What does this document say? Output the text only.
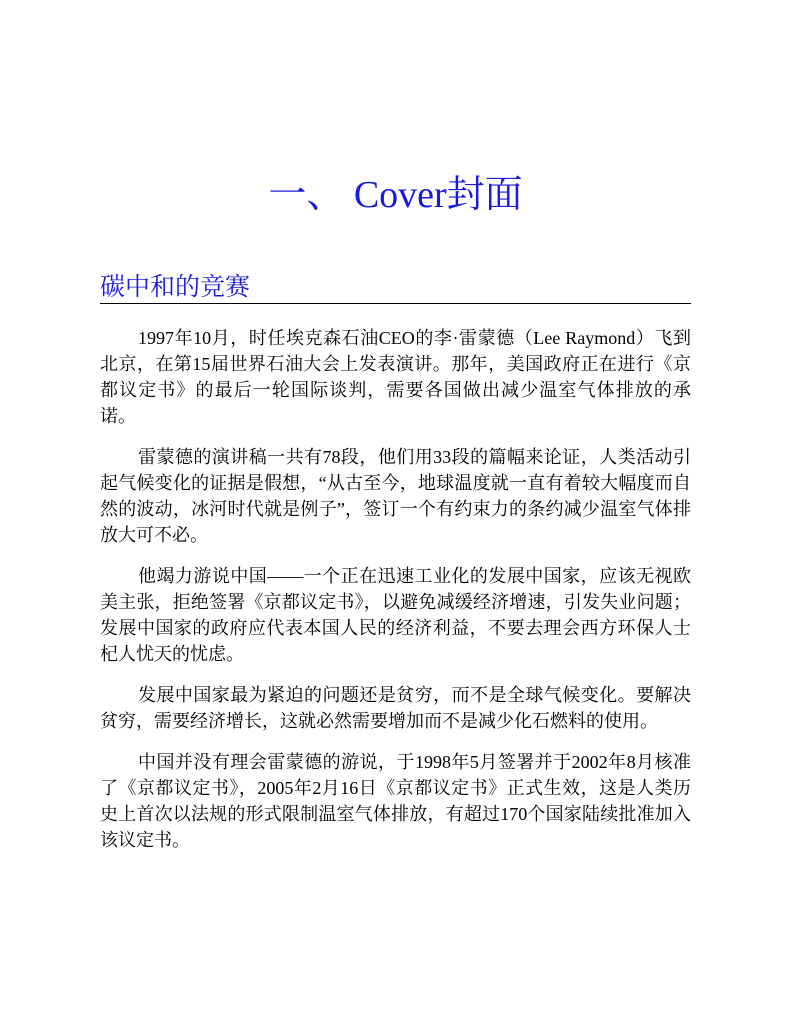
一、 Cover封面
碳中和的竞赛

1997年10月，时任埃克森石油CEO的李·雷蒙德（Lee Raymond）飞到北京，在第15届世界石油大会上发表演讲。那年，美国政府正在进行《京都议定书》的最后一轮国际谈判，需要各国做出减少温室气体排放的承诺。

雷蒙德的演讲稿一共有78段，他们用33段的篇幅来论证，人类活动引起气候变化的证据是假想，“从古至今，地球温度就一直有着较大幅度而自然的波动，冰河时代就是例子”，签订一个有约束力的条约减少温室气体排放大可不必。

他竭力游说中国——一个正在迅速工业化的发展中国家，应该无视欧美主张，拒绝签署《京都议定书》，以避免减缓经济增速，引发失业问题；发展中国家的政府应代表本国人民的经济利益，不要去理会西方环保人士杞人忧天的忧虑。

发展中国家最为紧迫的问题还是贫穷，而不是全球气候变化。要解决贫穷，需要经济增长，这就必然需要增加而不是减少化石燃料的使用。

中国并没有理会雷蒙德的游说，于1998年5月签署并于2002年8月核准了《京都议定书》，2005年2月16日《京都议定书》正式生效，这是人类历史上首次以法规的形式限制温室气体排放，有超过170个国家陆续批准加入该议定书。
